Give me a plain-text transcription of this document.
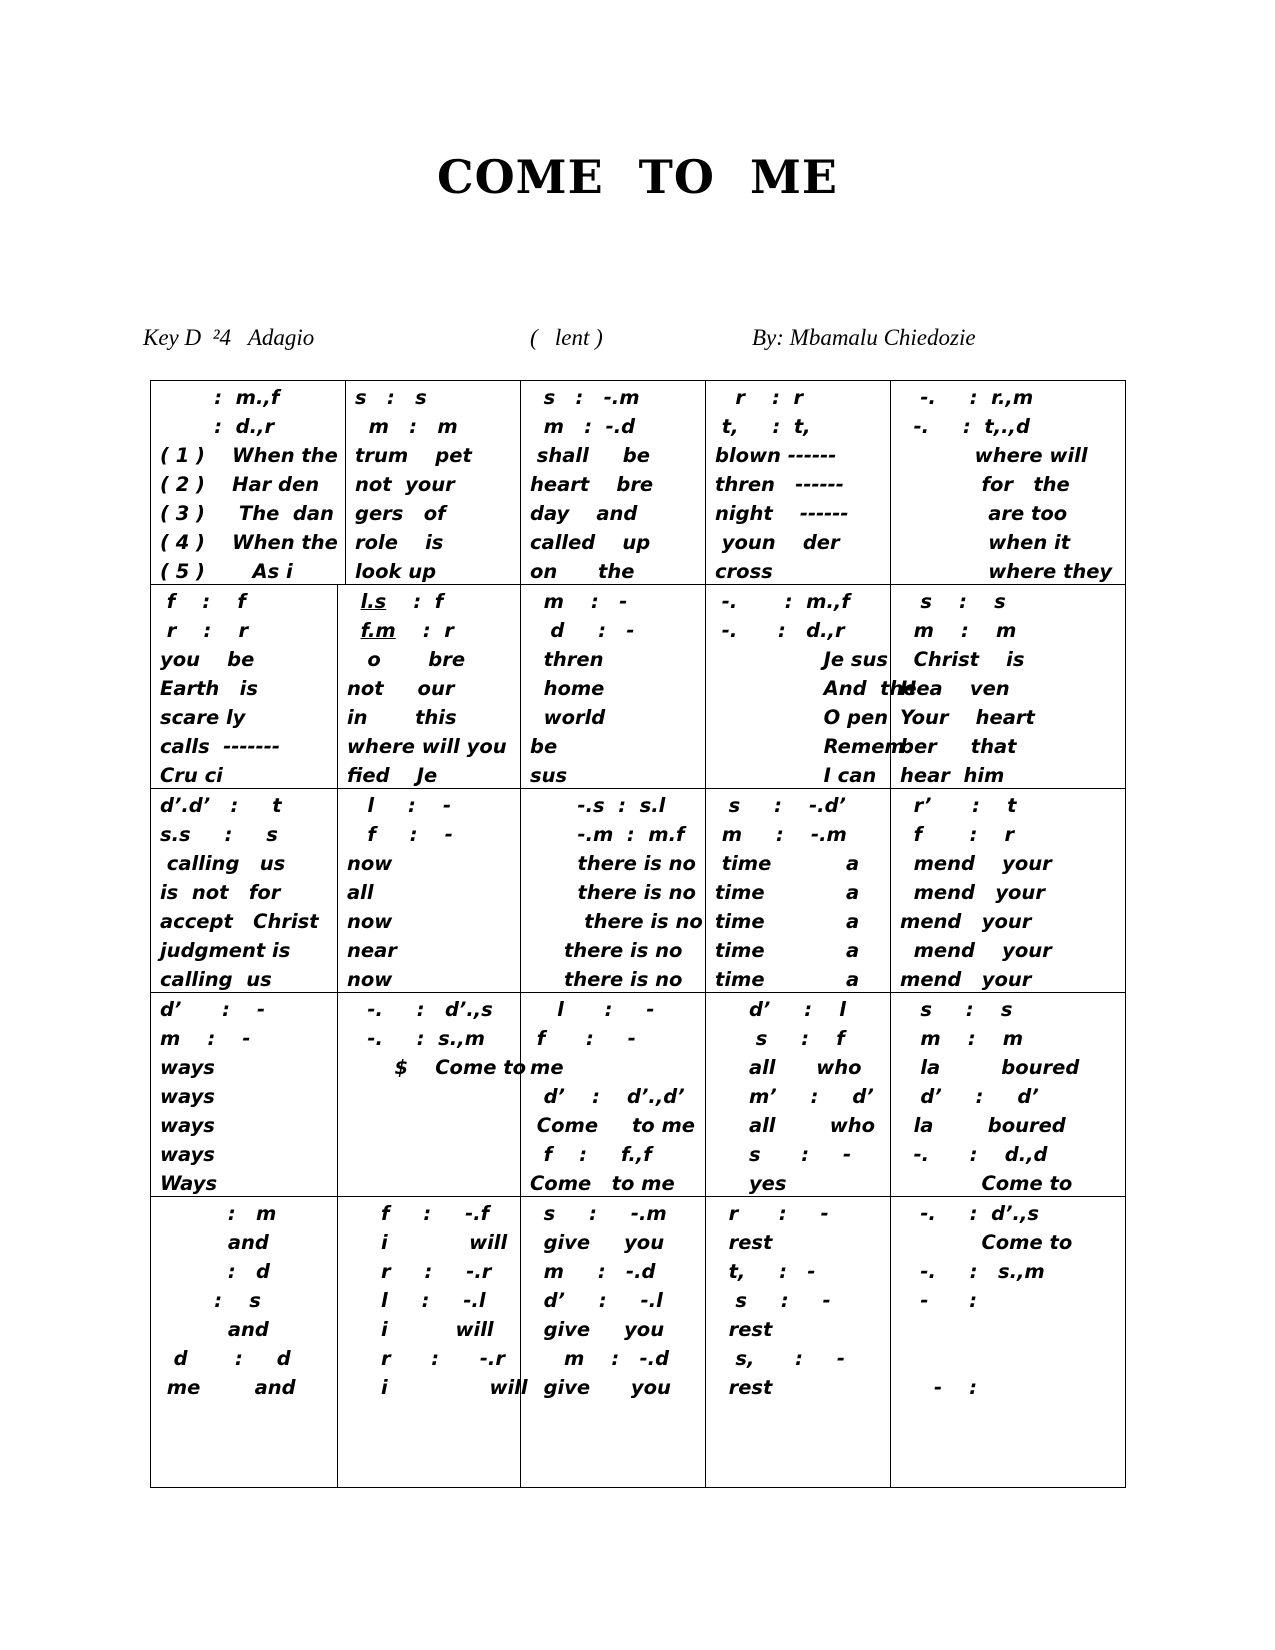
COME TO ME
Key D  ²4   Adagio	(   lent )	By: Mbamalu Chiedozie
:  m.,f
:  d.,r
( 1 )    When the
( 2 )    Har den
( 3 )     The  dan
( 4 )    When the
( 5 )       As i
s   :   s
m   :   m
trum    pet
not  your
gers   of
role    is
look up
s   :   -.m
m   :  -.d
shall     be
heart    bre
day    and
called    up
on      the
r    :  r
t,     :  t,
blown ------
thren   ------
night    ------
youn    der
cross
-.     :  r.,m
-.     :  t,.,d
where will
for   the
are too
when it
where they
f    :    f
r    :    r
you    be
Earth   is
scare ly
calls  -------
Cru ci
l.s    :  f
f.m    :  r
o       bre
not     our
in       this
where will you
fied    Je
m    :   -
d     :   -
thren
home
world
be
sus
-.       :  m.,f
-.      :   d.,r
Je sus
And  the
O pen
Remem
I can
s    :    s
m    :    m
Christ    is
Hea    ven
Your    heart
ber     that
hear  him
d’.d’   :     t
s.s     :     s
calling   us
is  not   for
accept   Christ
judgment is
calling  us
l     :    -
f     :    -
now
all
now
near
now
-.s  :  s.l
-.m  :  m.f
there is no
there is no
there is no
there is no
there is no
s     :    -.d’
m     :    -.m
time           a
time            a
time            a
time            a
time            a
r’      :    t
f       :    r
mend    your
mend   your
mend   your
mend    your
mend   your
d’      :    -
m    :    -
ways
ways
ways
ways
Ways
-.     :   d’.,s
-.     :  s.,m
$    Come to
l      :     -
f      :     -
me
d’    :    d’.,d’
Come     to me
f    :     f.,f
Come   to me
d’     :    l
s     :    f
all      who
m’     :     d’
all        who
s      :     -
yes
s     :    s
m    :    m
la         boured
d’     :     d’
la        boured
-.      :    d.,d
Come to
:   m
and
:   d
:    s
and
d       :     d
me        and
f     :     -.f
i            will
r     :     -.r
l     :     -.l
i          will
r      :      -.r
i               will
s     :     -.m
give     you
m     :   -.d
d’     :     -.l
give     you
m    :   -.d
give      you
r      :     -
rest
t,     :   -
s     :     -
rest
s,      :     -
rest
-.     :  d’.,s
Come to
-.     :   s.,m
-      :
-    :
